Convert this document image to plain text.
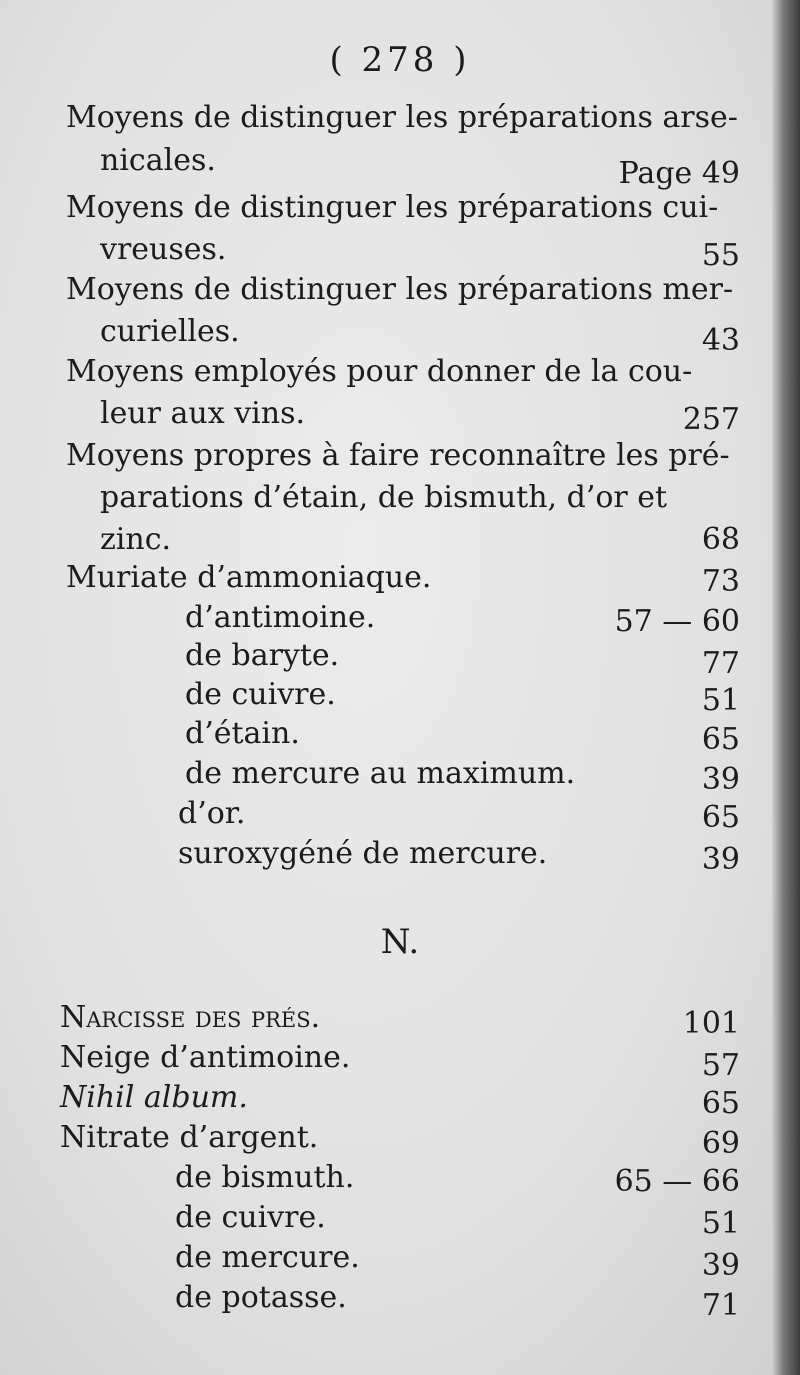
( 278 )
Moyens de distinguer les préparations arse-
nicales.	Page 49
Moyens de distinguer les préparations cui-
vreuses.	55
Moyens de distinguer les préparations mer-
curielles.	43
Moyens employés pour donner de la cou-
leur aux vins.	257
Moyens propres à faire reconnaître les pré-
parations d’étain, de bismuth, d’or et
zinc.	68
Muriate d’ammoniaque.	73
d’antimoine.	57 — 60
de baryte.	77
de cuivre.	51
d’étain.	65
de mercure au maximum.	39
d’or.	65
suroxygéné de mercure.	39
N.
Narcisse des prés.	101
Neige d’antimoine.	57
Nihil album.	65
Nitrate d’argent.	69
de bismuth.	65 — 66
de cuivre.	51
de mercure.	39
de potasse.	71
